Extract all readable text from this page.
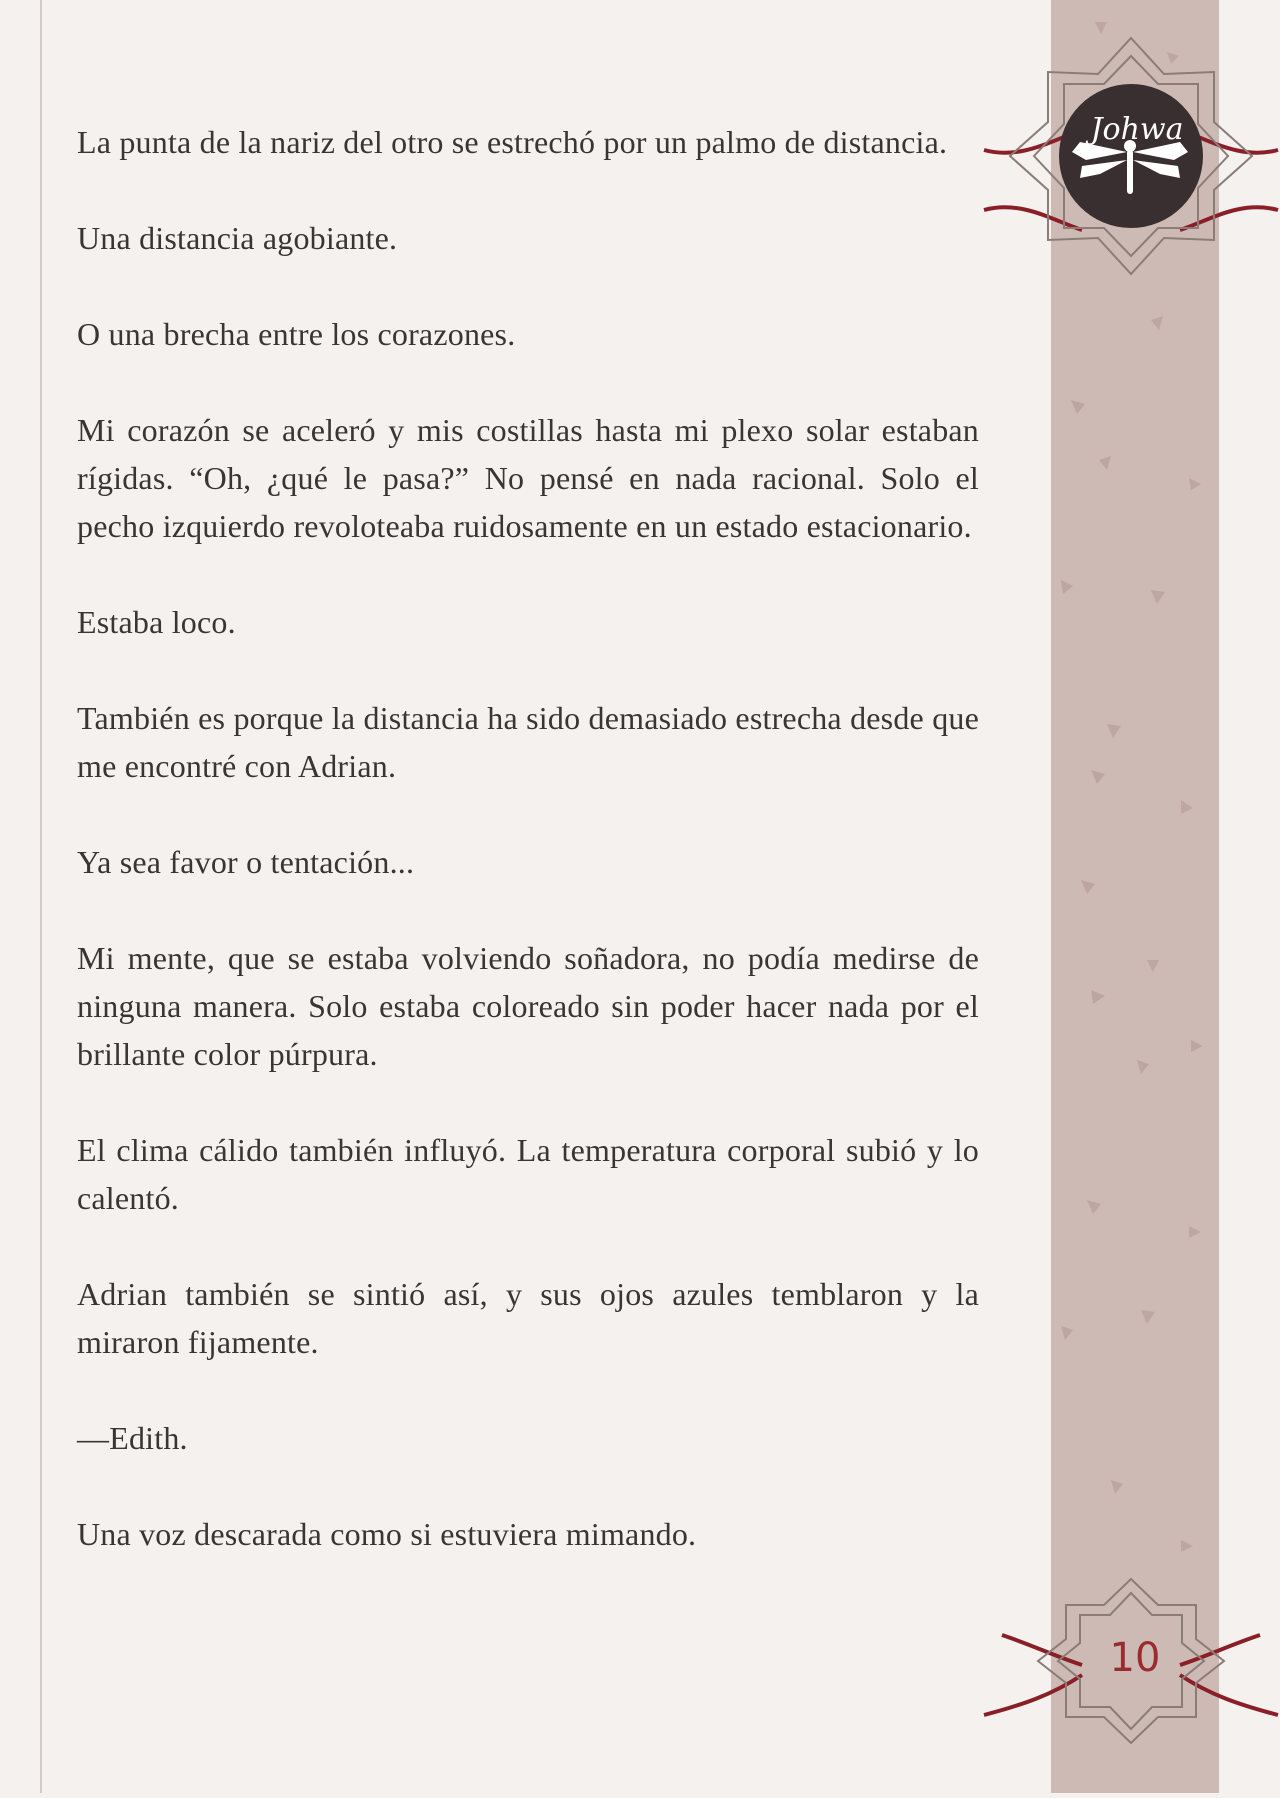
Johwa
10

La punta de la nariz del otro se estrechó por un palmo de distancia.

Una distancia agobiante.

O una brecha entre los corazones.

Mi corazón se aceleró y mis costillas hasta mi plexo solar estaban rígidas. “Oh, ¿qué le pasa?” No pensé en nada racional. Solo el pecho izquierdo revoloteaba ruidosamente en un estado estacionario.

Estaba loco.

También es porque la distancia ha sido demasiado estrecha desde que me encontré con Adrian.

Ya sea favor o tentación...

Mi mente, que se estaba volviendo soñadora, no podía medirse de ninguna manera. Solo estaba coloreado sin poder hacer nada por el brillante color púrpura.

El clima cálido también influyó. La temperatura corporal subió y lo calentó.

Adrian también se sintió así, y sus ojos azules temblaron y la miraron fijamente.

—Edith.

Una voz descarada como si estuviera mimando.
